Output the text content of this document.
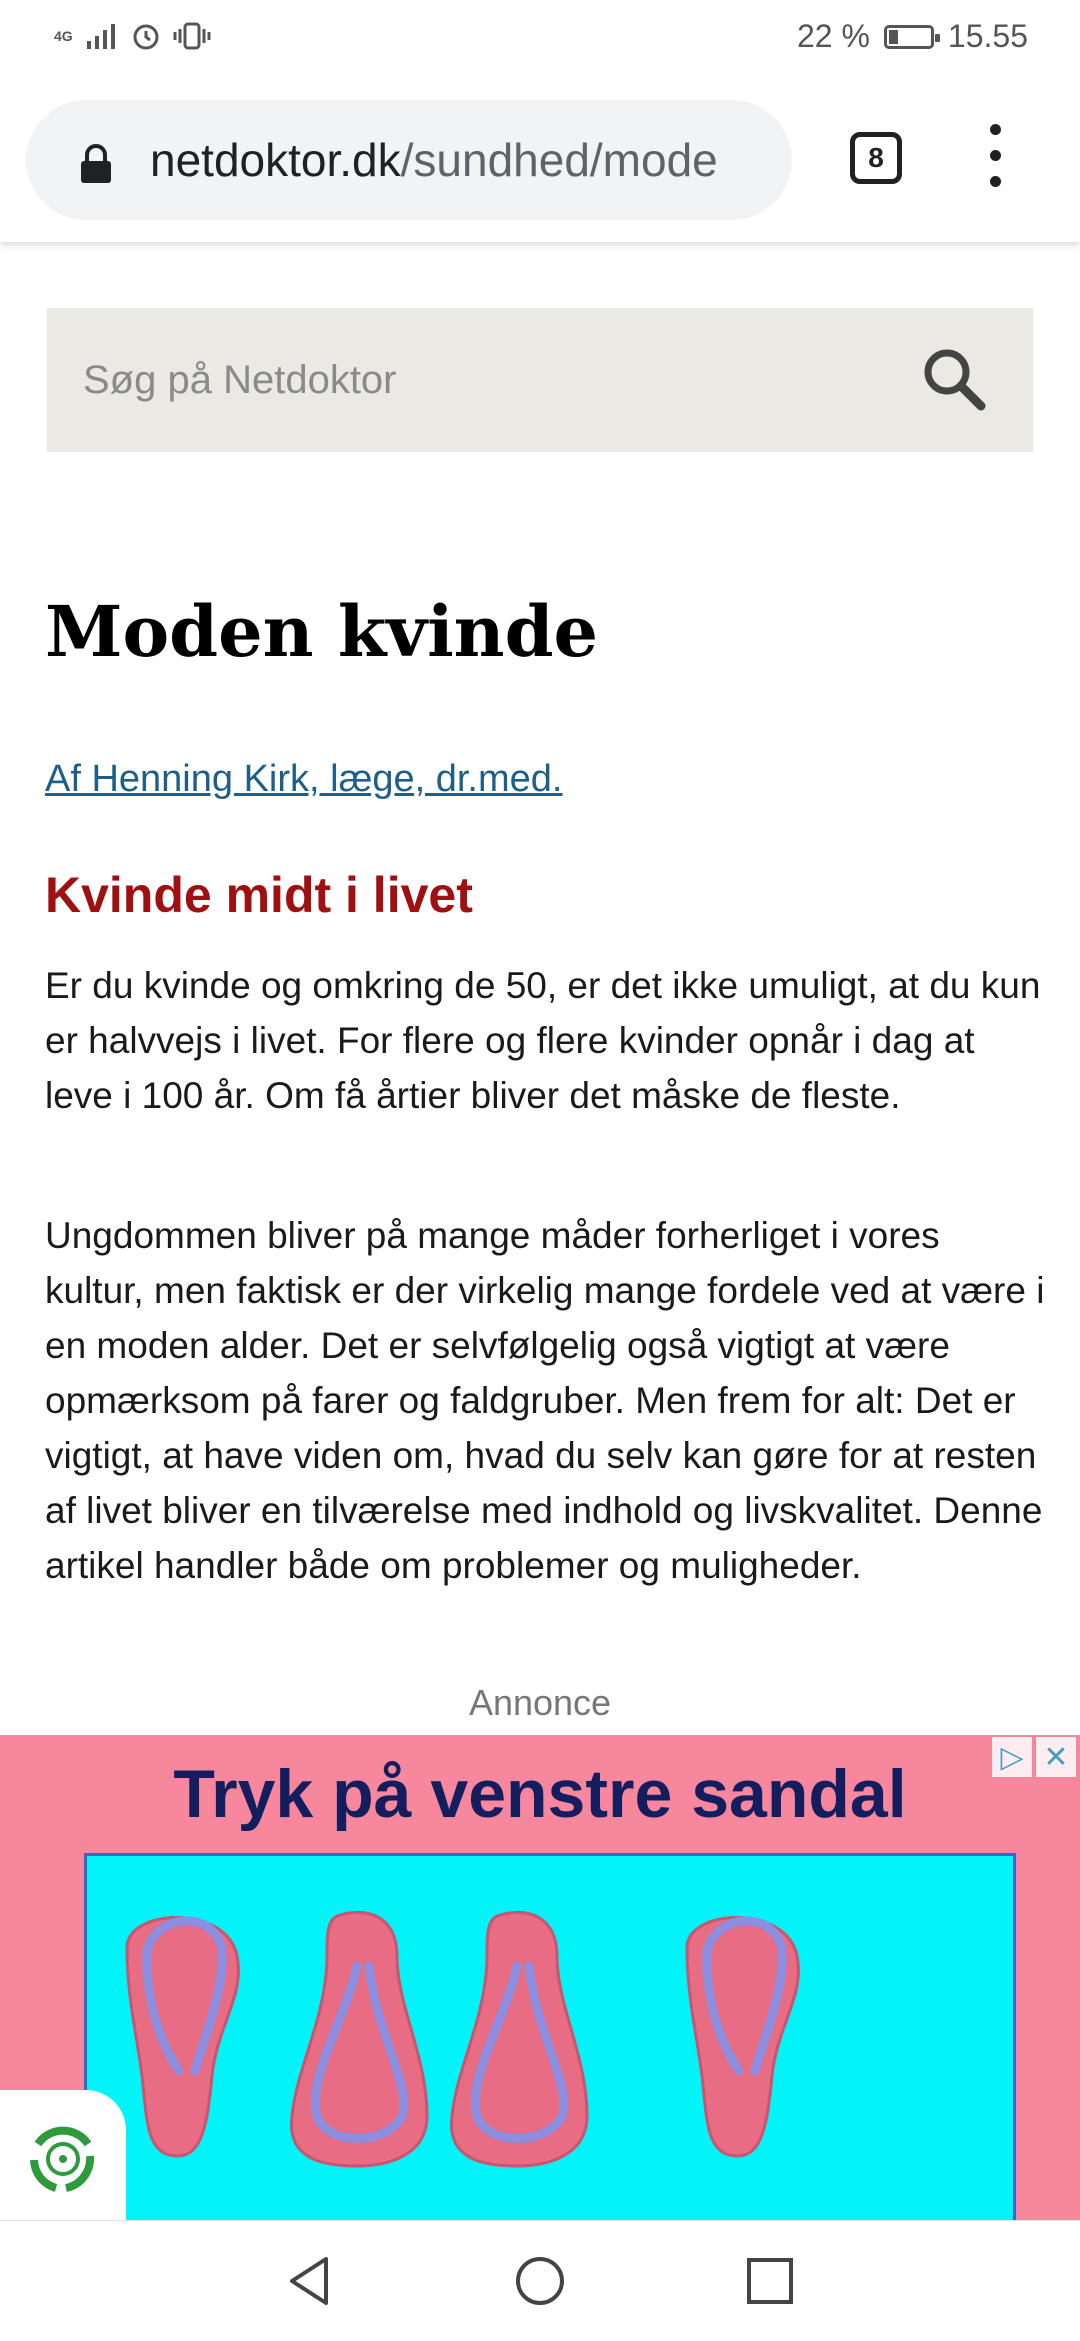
4G	22 % 15.55
netdoktor.dk/sundhed/mode	8
Søg på Netdoktor
Moden kvinde
Af Henning Kirk, læge, dr.med.
Kvinde midt i livet

Er du kvinde og omkring de 50, er det ikke umuligt, at du kun er halvvejs i livet. For flere og flere kvinder opnår i dag at leve i 100 år. Om få årtier bliver det måske de fleste.

Ungdommen bliver på mange måder forherliget i vores kultur, men faktisk er der virkelig mange fordele ved at være i en moden alder. Det er selvfølgelig også vigtigt at være opmærksom på farer og faldgruber. Men frem for alt: Det er vigtigt, at have viden om, hvad du selv kan gøre for at resten af livet bliver en tilværelse med indhold og livskvalitet. Denne artikel handler både om problemer og muligheder.

Annonce
Tryk på venstre sandal	▷ ✕
